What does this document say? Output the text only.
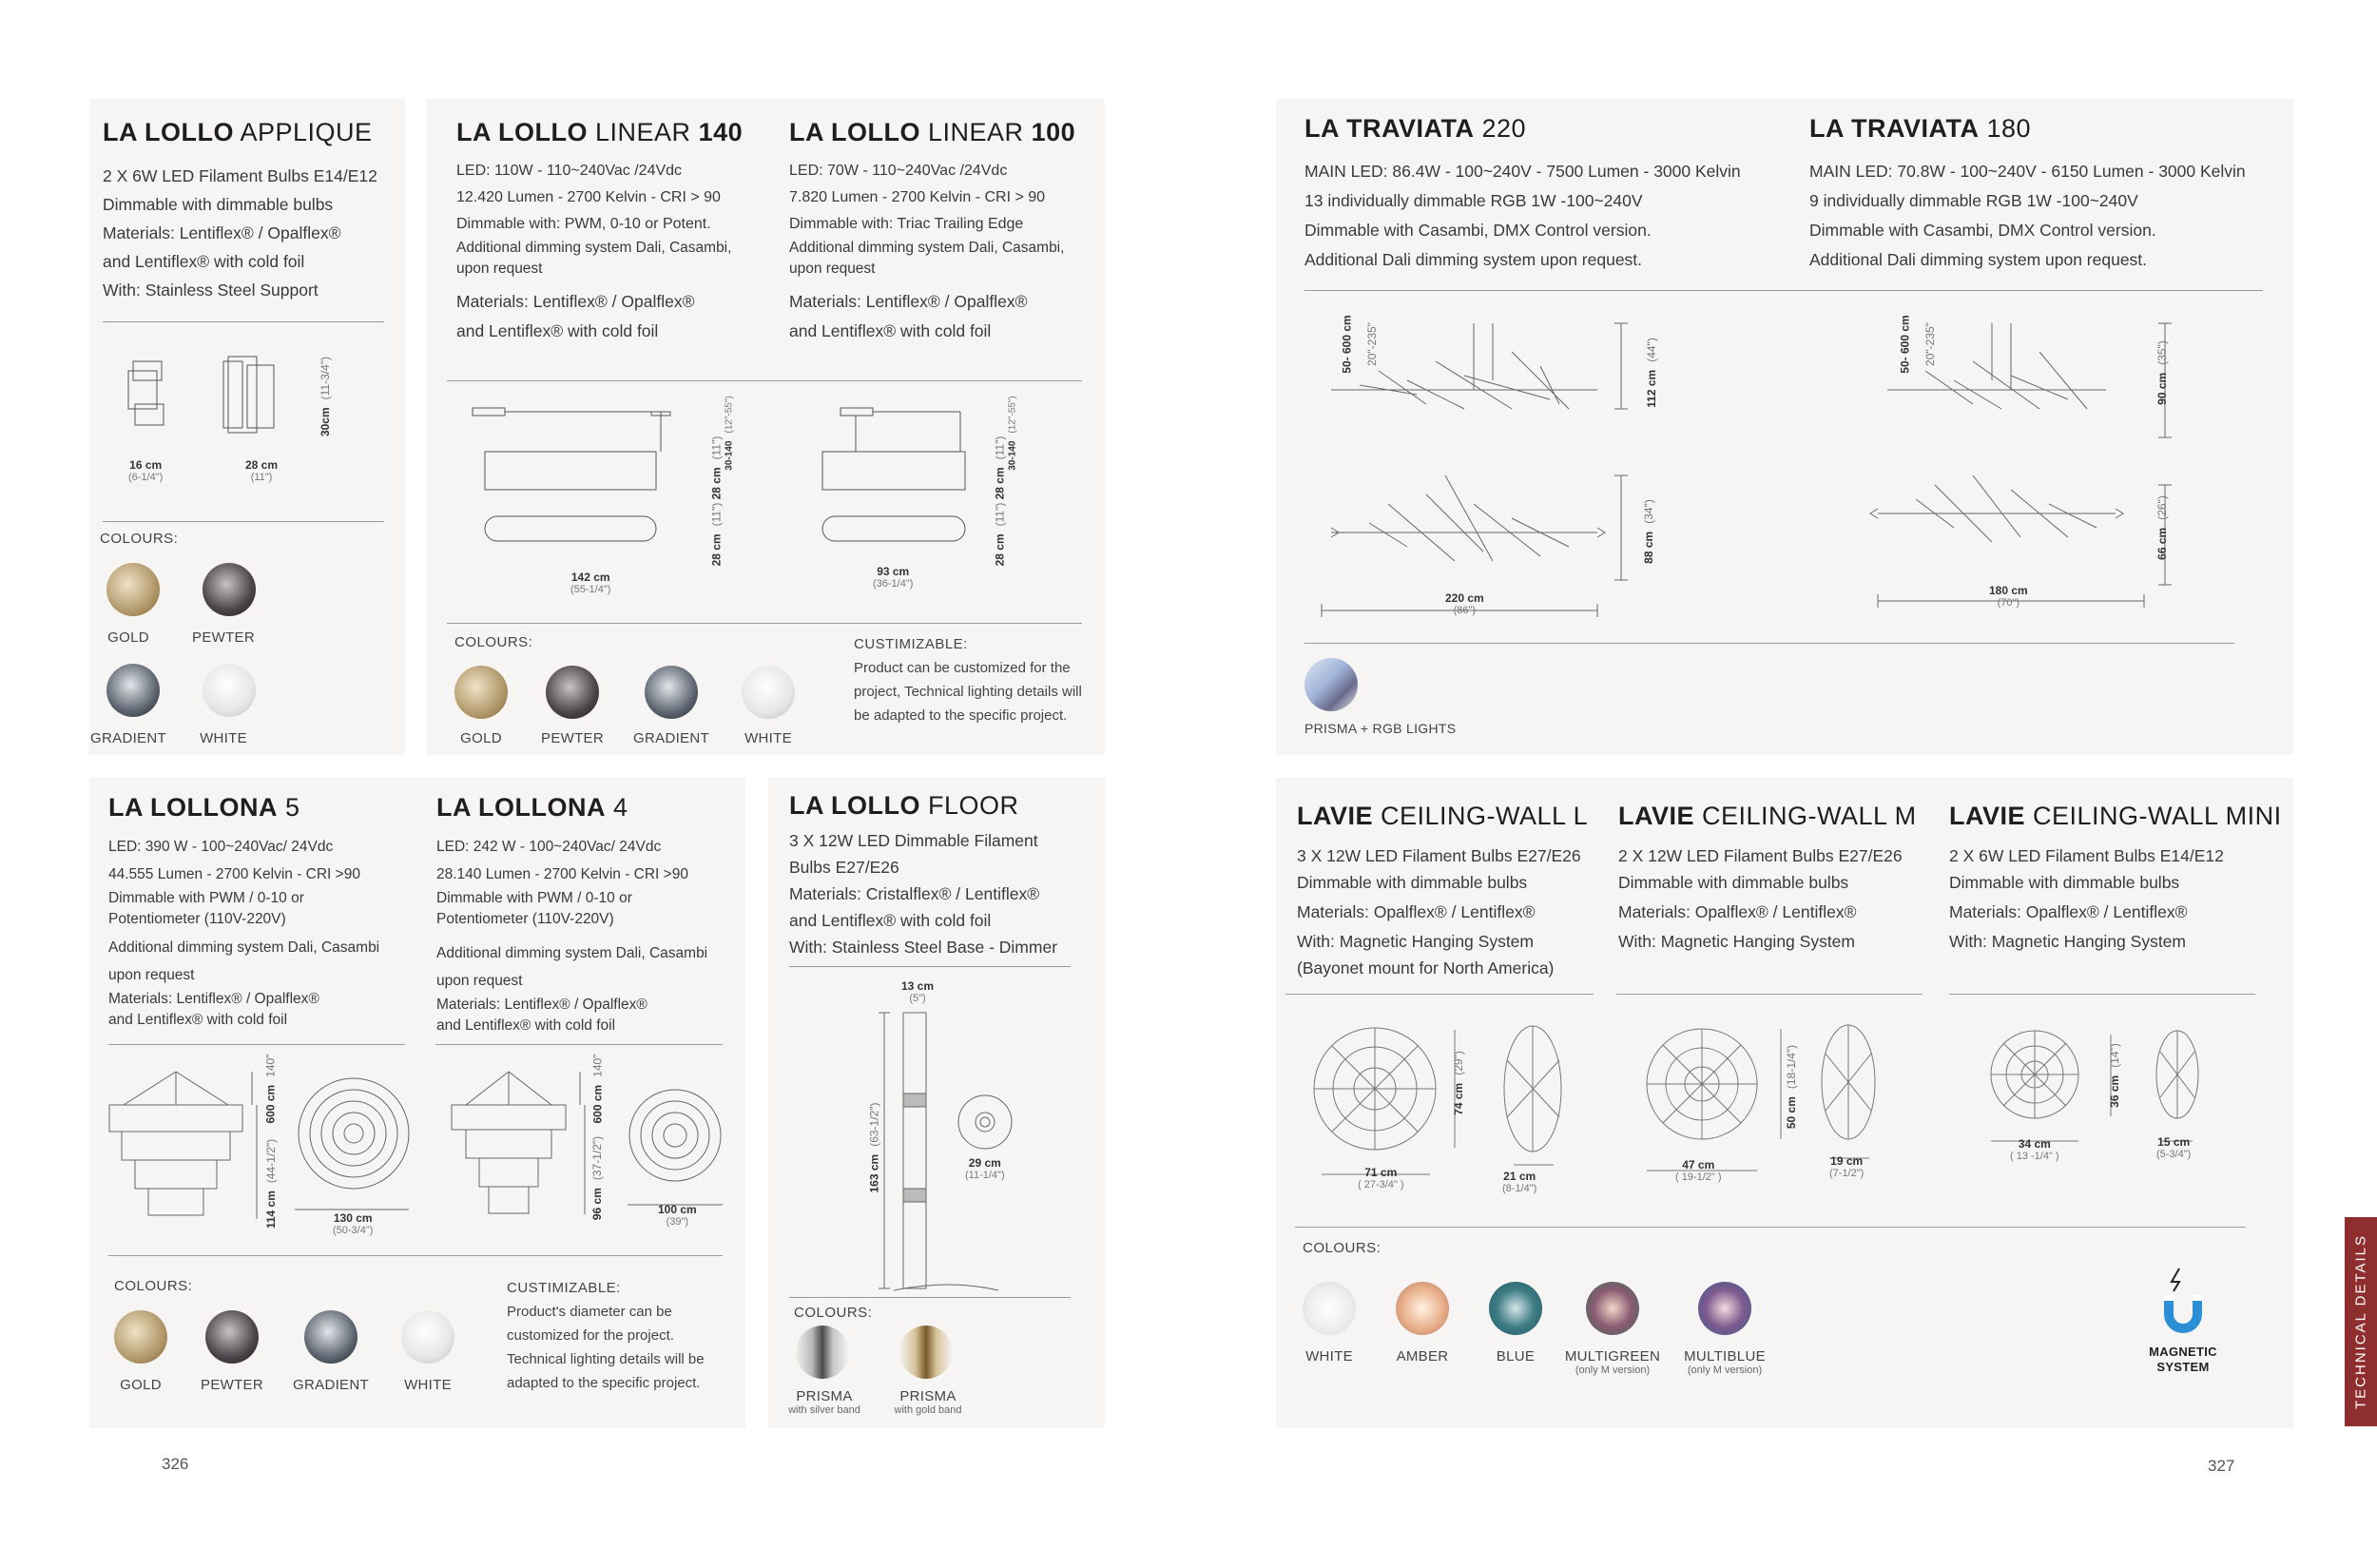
LA LOLLO APPLIQUE
2 X 6W LED Filament Bulbs E14/E12
Dimmable with dimmable bulbs
Materials: Lentiflex® / Opalflex®
and Lentiflex® with cold foil
With: Stainless Steel Support
16 cm
(6-1/4")
28 cm
(11")
30cm(11-3/4")
COLOURS:
GOLD	PEWTER
GRADIENT	WHITE
LA LOLLO LINEAR 140
LED: 110W - 110~240Vac /24Vdc
12.420 Lumen - 2700 Kelvin - CRI > 90
Dimmable with: PWM, 0-10 or Potent.
Additional dimming system Dali, Casambi,
upon request
Materials: Lentiflex® / Opalflex®
and Lentiflex® with cold foil
LA LOLLO LINEAR 100
LED: 70W - 110~240Vac /24Vdc
7.820 Lumen - 2700 Kelvin - CRI > 90
Dimmable with: Triac Trailing Edge
Additional dimming system Dali, Casambi,
upon request
Materials: Lentiflex® / Opalflex®
and Lentiflex® with cold foil
142 cm
(55-1/4")
28 cm(11")
28 cm(11")
30-140(12"-55")
93 cm
(36-1/4")
28 cm(11")
28 cm(11")
30-140(12"-55")
COLOURS:
GOLD	PEWTER	GRADIENT	WHITE
CUSTIMIZABLE:
Product can be customized for the project, Technical lighting details will be adapted to the specific project.
LA TRAVIATA 220
MAIN LED: 86.4W - 100~240V - 7500 Lumen - 3000 Kelvin
13 individually dimmable RGB 1W -100~240V
Dimmable with Casambi, DMX Control version.
Additional Dali dimming system upon request.
LA TRAVIATA 180
MAIN LED: 70.8W - 100~240V - 6150 Lumen - 3000 Kelvin
9 individually dimmable RGB 1W -100~240V
Dimmable with Casambi, DMX Control version.
Additional Dali dimming system upon request.
50- 600 cm 20"-235"
112 cm(44")
88 cm(34")
220 cm
(86")
50- 600 cm 20"-235"
90 cm(35")
66 cm(26")
180 cm
(70")
PRISMA + RGB LIGHTS
LA LOLLONA 5
LED: 390 W - 100~240Vac/ 24Vdc
44.555 Lumen - 2700 Kelvin - CRI >90
Dimmable with PWM / 0-10 or
Potentiometer (110V-220V)
Additional dimming system Dali, Casambi
upon request
Materials: Lentiflex® / Opalflex®
and Lentiflex® with cold foil
LA LOLLONA 4
LED: 242 W - 100~240Vac/ 24Vdc
28.140 Lumen - 2700 Kelvin - CRI >90
Dimmable with PWM / 0-10 or
Potentiometer (110V-220V)
Additional dimming system Dali, Casambi
upon request
Materials: Lentiflex® / Opalflex®
and Lentiflex® with cold foil
600 cm140"
114 cm(44-1/2")
130 cm
(50-3/4")
600 cm140"
96 cm(37-1/2")
100 cm
(39")
COLOURS:
GOLD	PEWTER	GRADIENT	WHITE
CUSTIMIZABLE:
Product's diameter can be customized for the project. Technical lighting details will be adapted to the specific project.
LA LOLLO FLOOR
3 X 12W LED Dimmable Filament
Bulbs E27/E26
Materials: Cristalflex® / Lentiflex®
and Lentiflex® with cold foil
With: Stainless Steel Base - Dimmer
13 cm
(5")
163 cm(63-1/2")
29 cm
(11-1/4")
COLOURS:
PRISMA
with silver band
PRISMA
with gold band
LAVIE CEILING-WALL L
3 X 12W LED Filament Bulbs E27/E26
Dimmable with dimmable bulbs
Materials: Opalflex® / Lentiflex®
With: Magnetic Hanging System
(Bayonet mount for North America)
LAVIE CEILING-WALL M
2 X 12W LED Filament Bulbs E27/E26
Dimmable with dimmable bulbs
Materials: Opalflex® / Lentiflex®
With: Magnetic Hanging System
LAVIE CEILING-WALL MINI
2 X 6W LED Filament Bulbs E14/E12
Dimmable with dimmable bulbs
Materials: Opalflex® / Lentiflex®
With: Magnetic Hanging System
71 cm
( 27-3/4" )
74 cm(29")
21 cm
(8-1/4")
47 cm
( 19-1/2" )
50 cm(18-1/4")
19 cm
(7-1/2")
34 cm
( 13 -1/4" )
36 cm(14")
15 cm
(5-3/4")
COLOURS:
WHITE	AMBER	BLUE	MULTIGREEN
(only M version)
MULTIBLUE
(only M version)
MAGNETIC SYSTEM
326	327
TECHNICAL DETAILS
